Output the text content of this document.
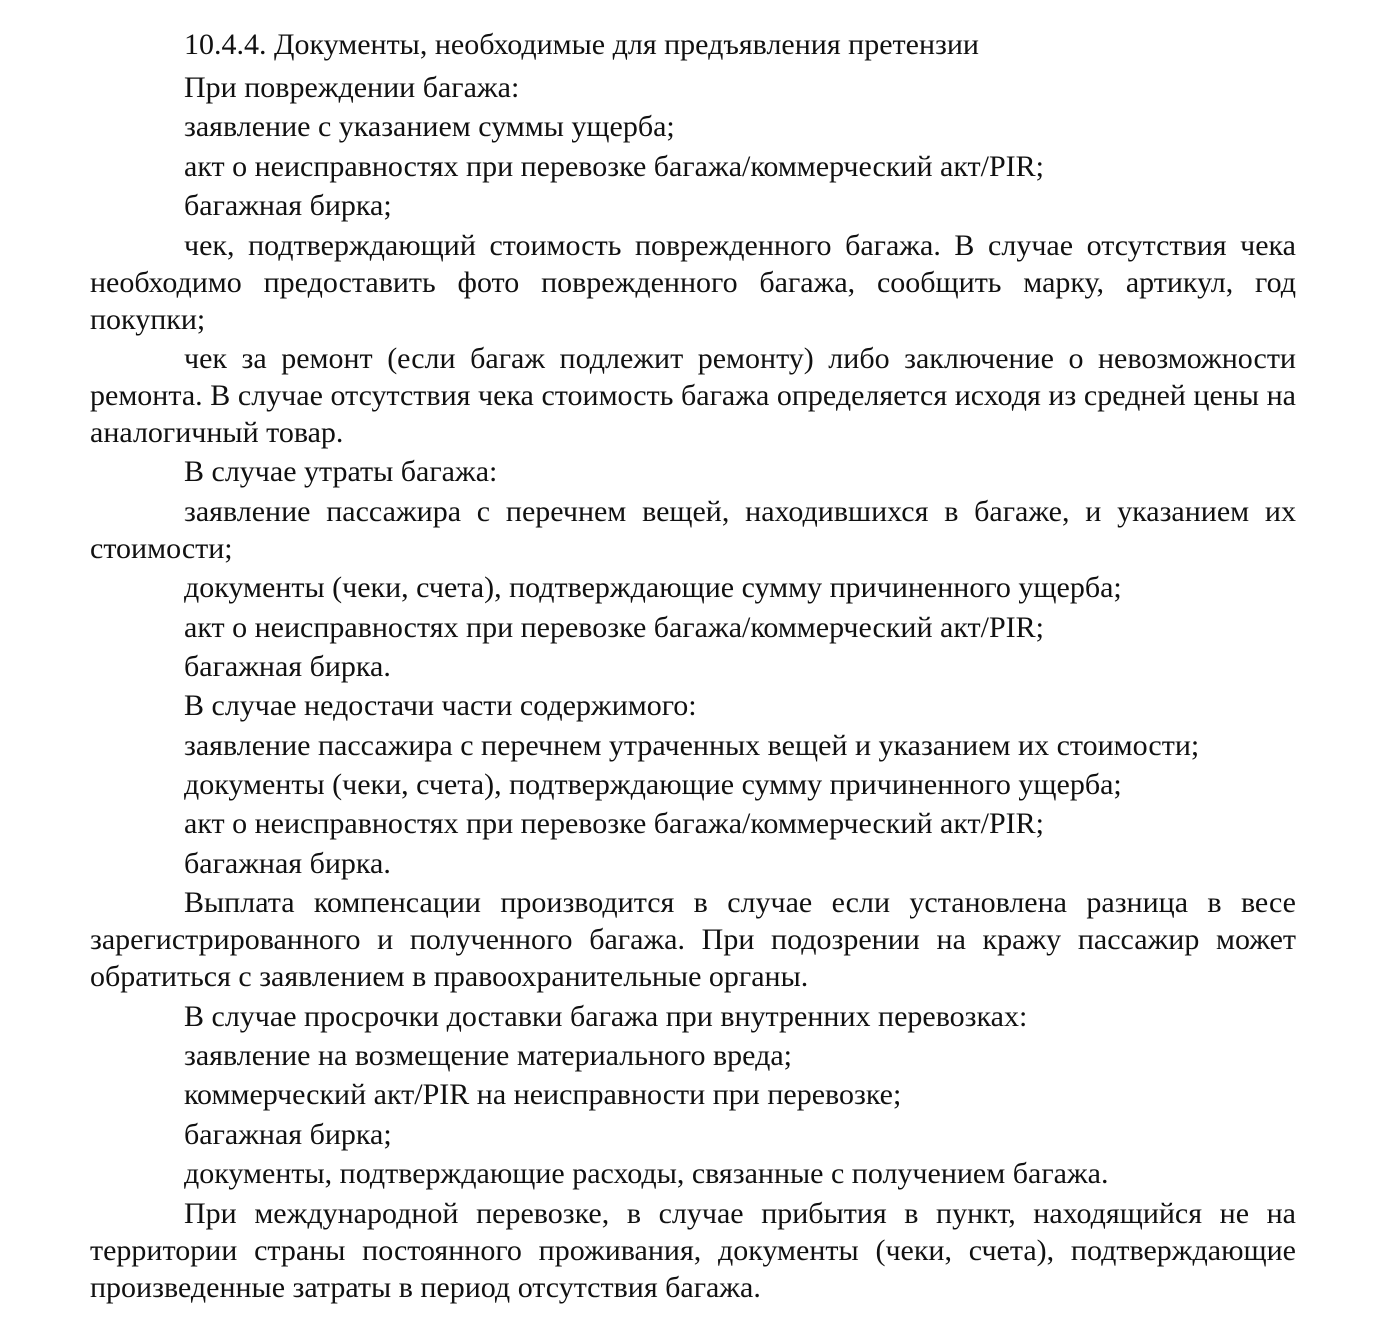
10.4.4. Документы, необходимые для предъявления претензии

При повреждении багажа:

заявление с указанием суммы ущерба;

акт о неисправностях при перевозке багажа/коммерческий акт/PIR;

багажная бирка;

чек, подтверждающий стоимость поврежденного багажа. В случае отсутствия чека необходимо предоставить фото поврежденного багажа, сообщить марку, артикул, год покупки;

чек за ремонт (если багаж подлежит ремонту) либо заключение о невозможности ремонта. В случае отсутствия чека стоимость багажа определяется исходя из средней цены на аналогичный товар.

В случае утраты багажа:

заявление пассажира с перечнем вещей, находившихся в багаже, и указанием их стоимости;

документы (чеки, счета), подтверждающие сумму причиненного ущерба;

акт о неисправностях при перевозке багажа/коммерческий акт/PIR;

багажная бирка.

В случае недостачи части содержимого:

заявление пассажира с перечнем утраченных вещей и указанием их стоимости;

документы (чеки, счета), подтверждающие сумму причиненного ущерба;

акт о неисправностях при перевозке багажа/коммерческий акт/PIR;

багажная бирка.

Выплата компенсации производится в случае если установлена разница в весе зарегистрированного и полученного багажа. При подозрении на кражу пассажир может обратиться с заявлением в правоохранительные органы.

В случае просрочки доставки багажа при внутренних перевозках:

заявление на возмещение материального вреда;

коммерческий акт/PIR на неисправности при перевозке;

багажная бирка;

документы, подтверждающие расходы, связанные с получением багажа.

При международной перевозке, в случае прибытия в пункт, находящийся не на территории страны постоянного проживания, документы (чеки, счета), подтверждающие произведенные затраты в период отсутствия багажа.
